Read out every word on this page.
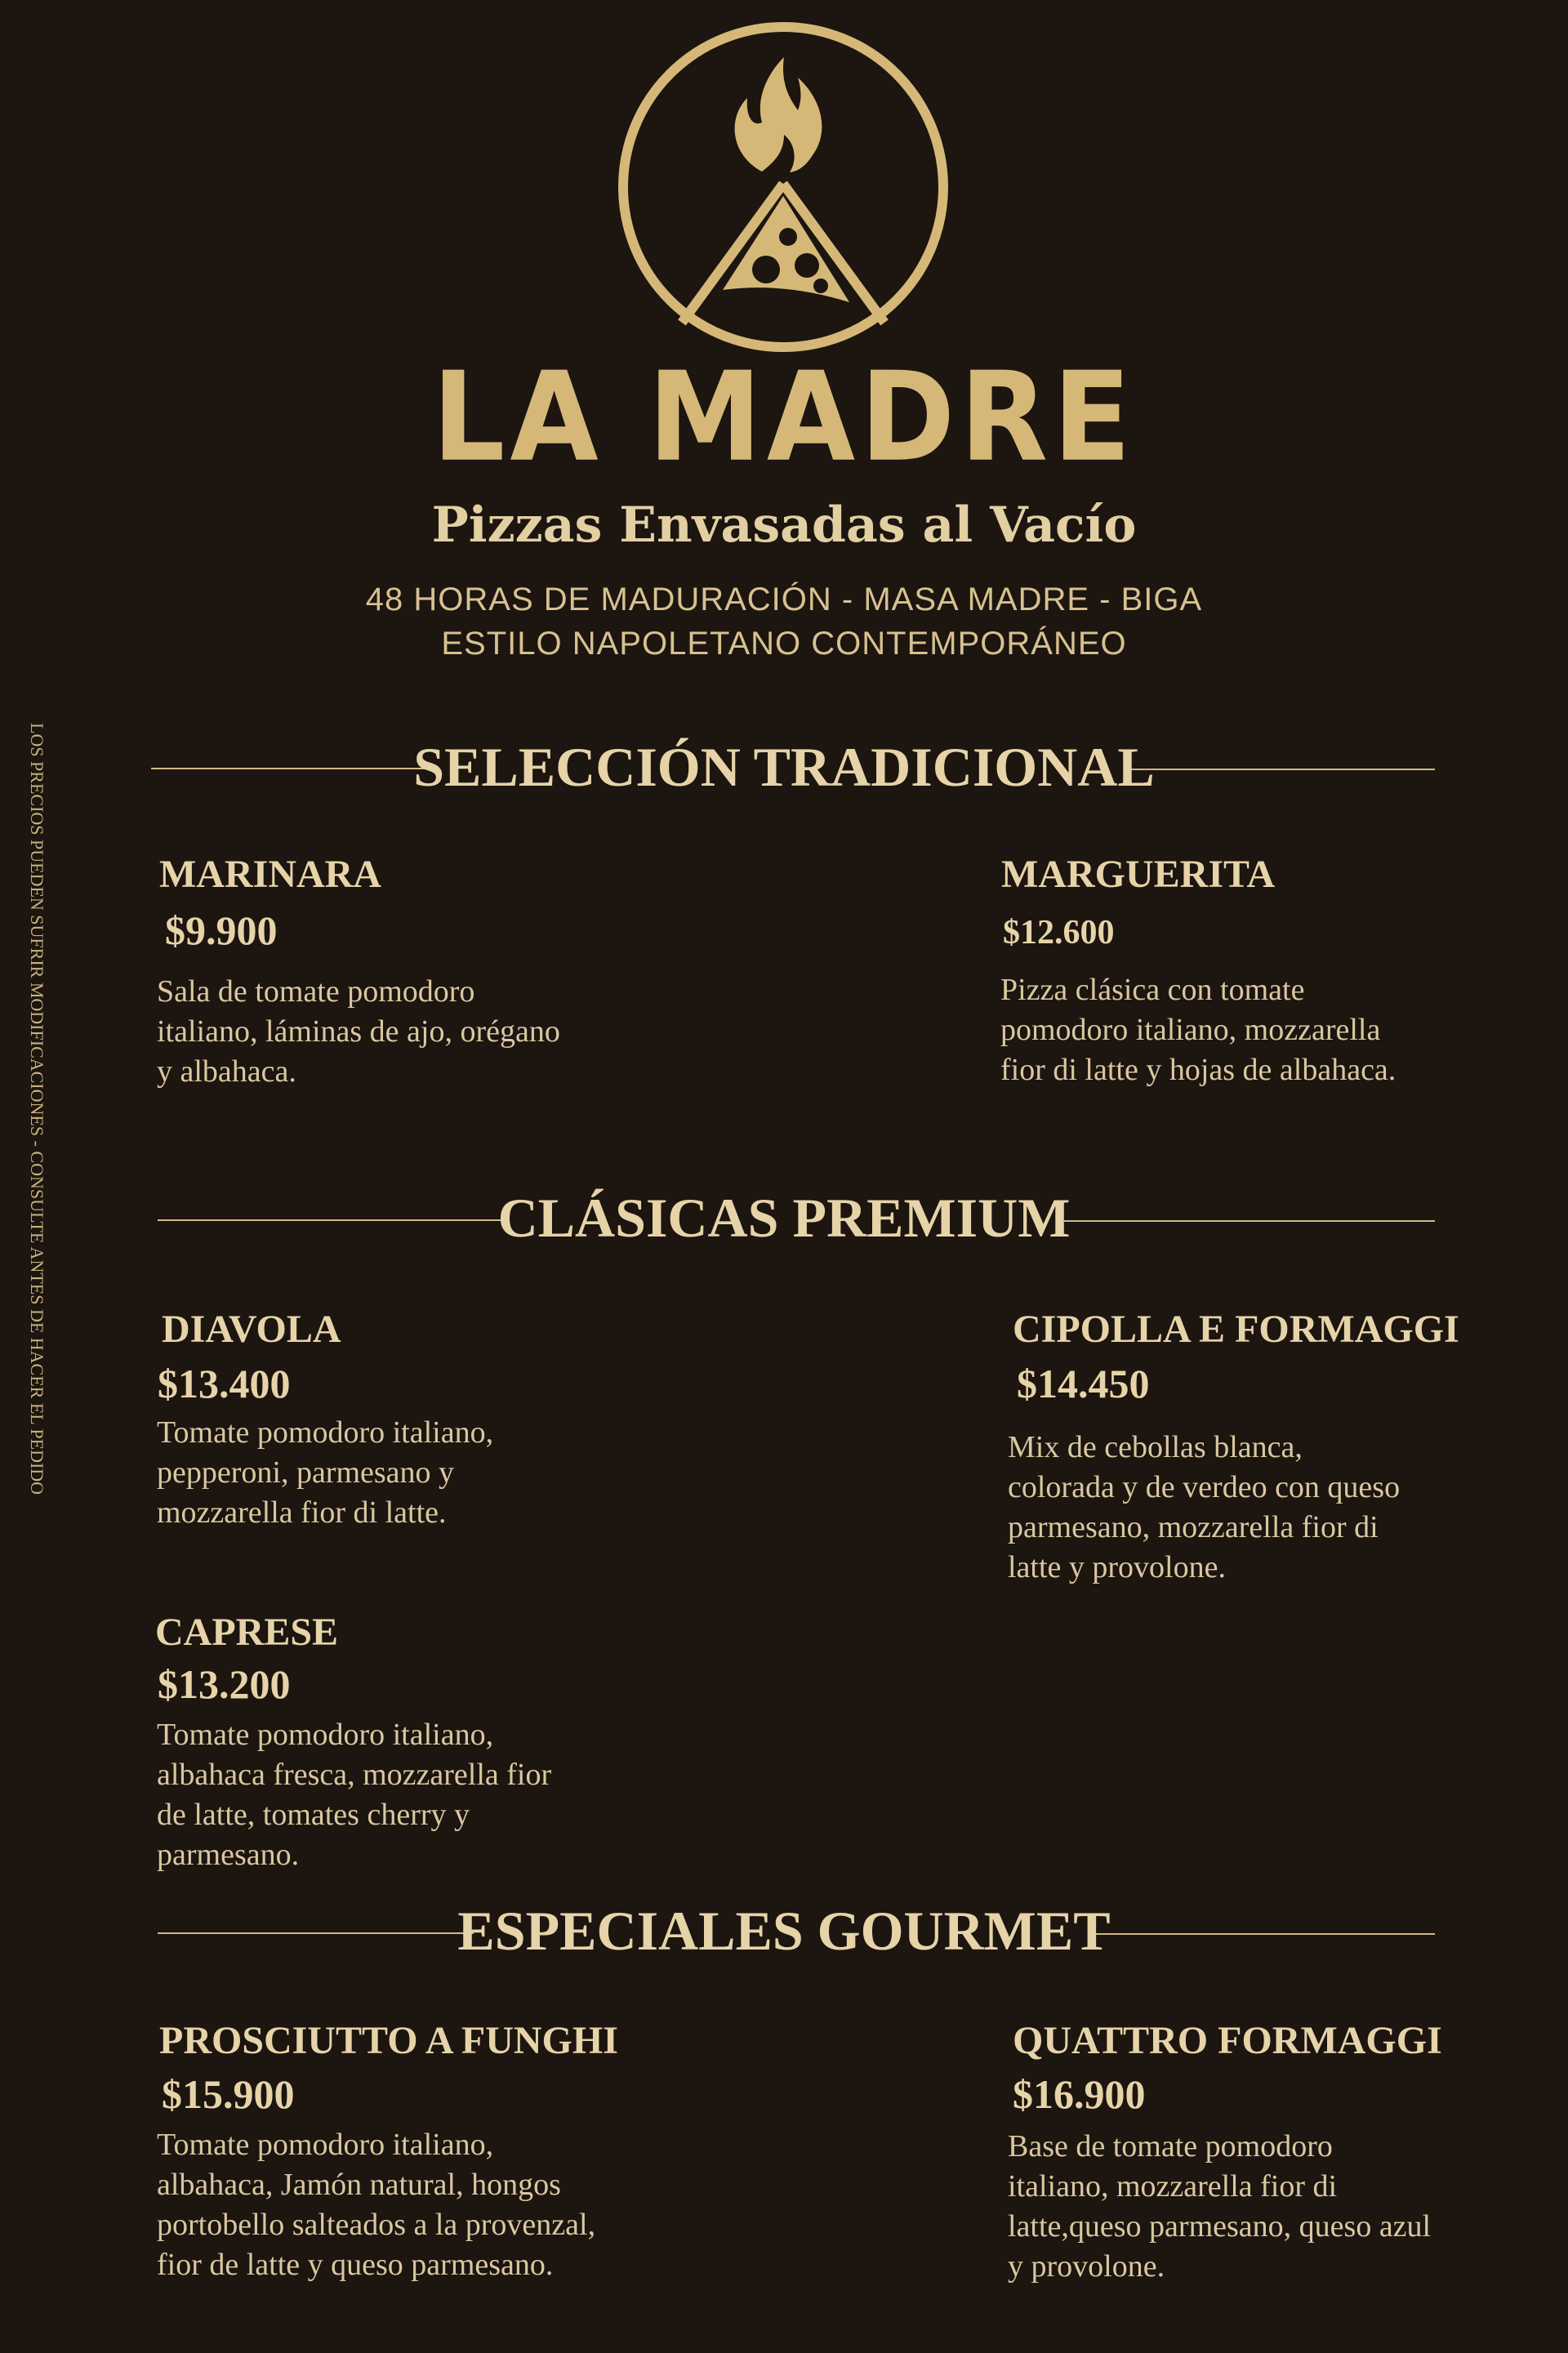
LA MADRE
Pizzas Envasadas al Vacío
48 HORAS DE MADURACIÓN - MASA MADRE - BIGA
ESTILO NAPOLETANO CONTEMPORÁNEO
LOS PRECIOS PUEDEN SUFRIR MODIFICACIONES - CONSULTE ANTES DE HACER EL PEDIDO	SELECCIÓN TRADICIONAL
MARINARA
$9.900
Sala de tomate pomodoro italiano, láminas de ajo, orégano y albahaca.
MARGUERITA
$12.600
Pizza clásica con tomate pomodoro italiano, mozzarella fior di latte y hojas de albahaca.
CLÁSICAS PREMIUM
DIAVOLA
$13.400
Tomate pomodoro italiano, pepperoni, parmesano y mozzarella fior di latte.
CIPOLLA E FORMAGGI
$14.450
Mix de cebollas blanca, colorada y de verdeo con queso parmesano, mozzarella fior di latte y provolone.
CAPRESE
$13.200
Tomate pomodoro italiano, albahaca fresca, mozzarella fior de latte, tomates cherry y parmesano.
ESPECIALES GOURMET
PROSCIUTTO A FUNGHI
$15.900
Tomate pomodoro italiano, albahaca, Jamón natural, hongos portobello salteados a la provenzal, fior de latte y queso parmesano.
QUATTRO FORMAGGI
$16.900
Base de tomate pomodoro italiano, mozzarella fior di latte,queso parmesano, queso azul y provolone.
